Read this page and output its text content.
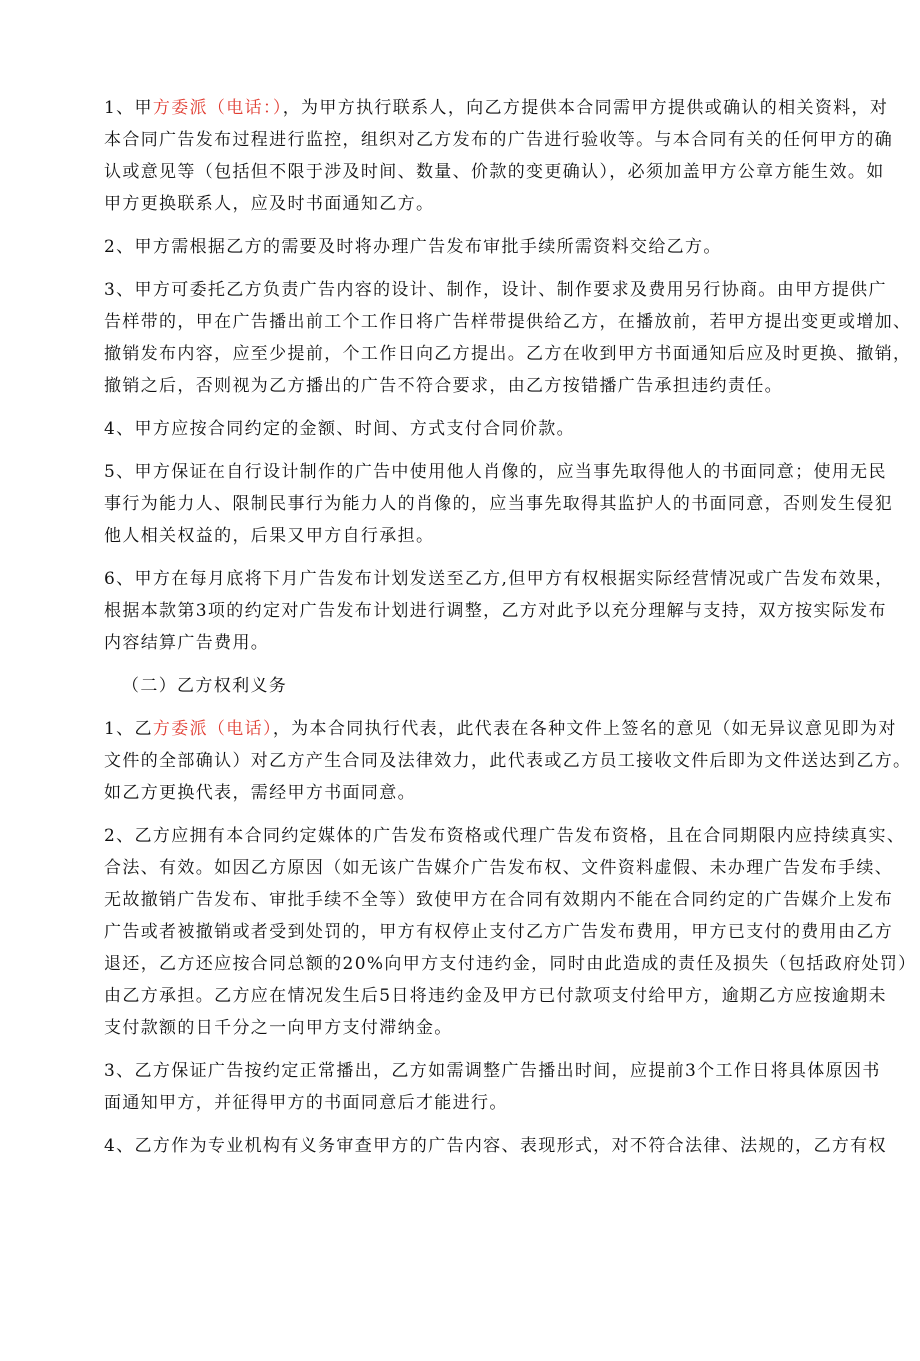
1、甲方委派（电话：），为甲方执行联系人，向乙方提供本合同需甲方提供或确认的相关资料，对
本合同广告发布过程进行监控，组织对乙方发布的广告进行验收等。与本合同有关的任何甲方的确
认或意见等（包括但不限于涉及时间、数量、价款的变更确认），必须加盖甲方公章方能生效。如
甲方更换联系人，应及时书面通知乙方。

2、甲方需根据乙方的需要及时将办理广告发布审批手续所需资料交给乙方。

3、甲方可委托乙方负责广告内容的设计、制作，设计、制作要求及费用另行协商。由甲方提供广
告样带的，甲在广告播出前工个工作日将广告样带提供给乙方，在播放前，若甲方提出变更或增加、
撤销发布内容，应至少提前，个工作日向乙方提出。乙方在收到甲方书面通知后应及时更换、撤销，
撤销之后，否则视为乙方播出的广告不符合要求，由乙方按错播广告承担违约责任。

4、甲方应按合同约定的金额、时间、方式支付合同价款。

5、甲方保证在自行设计制作的广告中使用他人肖像的，应当事先取得他人的书面同意；使用无民
事行为能力人、限制民事行为能力人的肖像的，应当事先取得其监护人的书面同意，否则发生侵犯
他人相关权益的，后果又甲方自行承担。

6、甲方在每月底将下月广告发布计划发送至乙方,但甲方有权根据实际经营情况或广告发布效果，
根据本款第3项的约定对广告发布计划进行调整，乙方对此予以充分理解与支持，双方按实际发布
内容结算广告费用。

（二）乙方权利义务

1、乙方委派（电话），为本合同执行代表，此代表在各种文件上签名的意见（如无异议意见即为对
文件的全部确认）对乙方产生合同及法律效力，此代表或乙方员工接收文件后即为文件送达到乙方。
如乙方更换代表，需经甲方书面同意。

2、乙方应拥有本合同约定媒体的广告发布资格或代理广告发布资格，且在合同期限内应持续真实、
合法、有效。如因乙方原因（如无该广告媒介广告发布权、文件资料虚假、未办理广告发布手续、
无故撤销广告发布、审批手续不全等）致使甲方在合同有效期内不能在合同约定的广告媒介上发布
广告或者被撤销或者受到处罚的，甲方有权停止支付乙方广告发布费用，甲方已支付的费用由乙方
退还，乙方还应按合同总额的20%向甲方支付违约金，同时由此造成的责任及损失（包括政府处罚）
由乙方承担。乙方应在情况发生后5日将违约金及甲方已付款项支付给甲方，逾期乙方应按逾期未
支付款额的日千分之一向甲方支付滞纳金。

3、乙方保证广告按约定正常播出，乙方如需调整广告播出时间，应提前3个工作日将具体原因书
面通知甲方，并征得甲方的书面同意后才能进行。

4、乙方作为专业机构有义务审查甲方的广告内容、表现形式，对不符合法律、法规的，乙方有权
